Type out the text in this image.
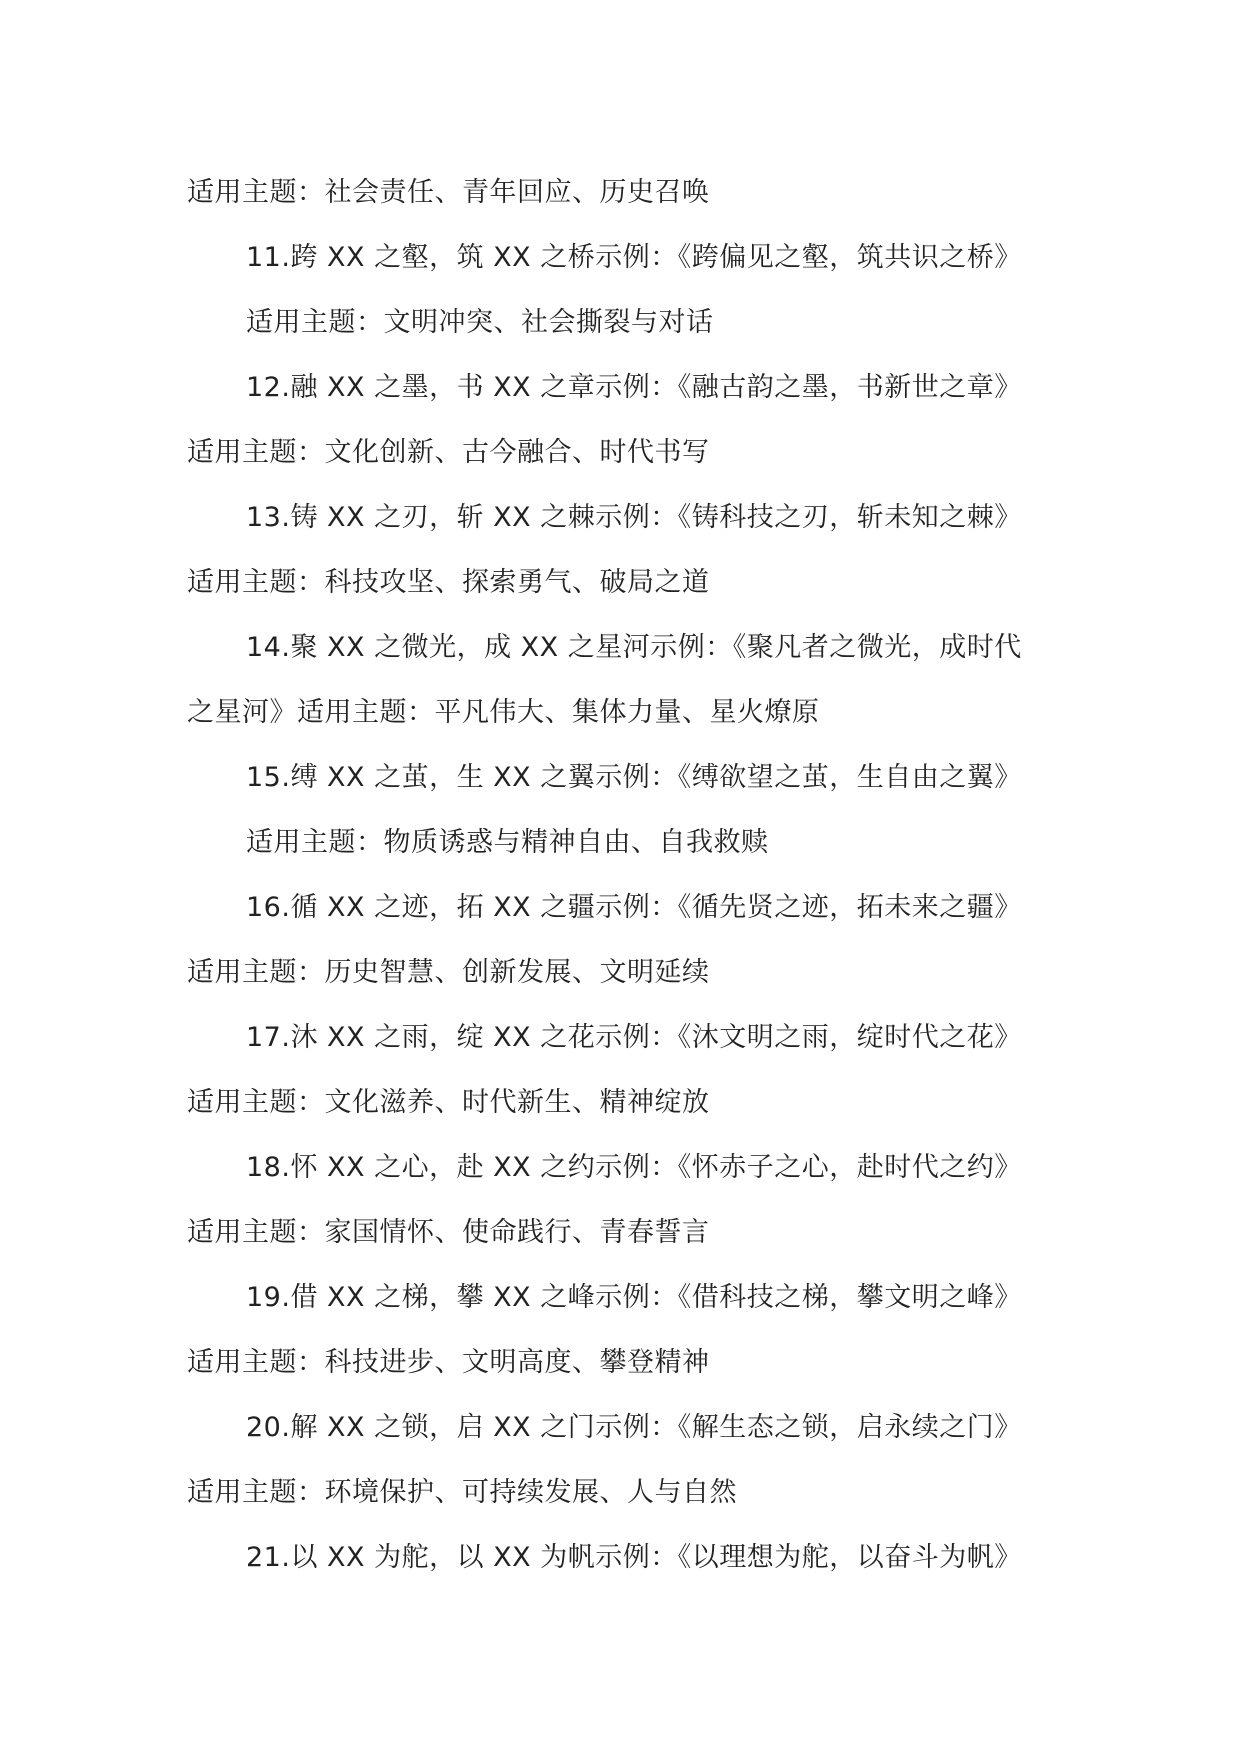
适用主题：社会责任、青年回应、历史召唤
11.跨 XX 之壑，筑 XX 之桥示例：《跨偏见之壑，筑共识之桥》
适用主题：文明冲突、社会撕裂与对话
12.融 XX 之墨，书 XX 之章示例：《融古韵之墨，书新世之章》
适用主题：文化创新、古今融合、时代书写
13.铸 XX 之刃，斩 XX 之棘示例：《铸科技之刃，斩未知之棘》
适用主题：科技攻坚、探索勇气、破局之道
14.聚 XX 之微光，成 XX 之星河示例：《聚凡者之微光，成时代
之星河》适用主题：平凡伟大、集体力量、星火燎原
15.缚 XX 之茧，生 XX 之翼示例：《缚欲望之茧，生自由之翼》
适用主题：物质诱惑与精神自由、自我救赎
16.循 XX 之迹，拓 XX 之疆示例：《循先贤之迹，拓未来之疆》
适用主题：历史智慧、创新发展、文明延续
17.沐 XX 之雨，绽 XX 之花示例：《沐文明之雨，绽时代之花》
适用主题：文化滋养、时代新生、精神绽放
18.怀 XX 之心，赴 XX 之约示例：《怀赤子之心，赴时代之约》
适用主题：家国情怀、使命践行、青春誓言
19.借 XX 之梯，攀 XX 之峰示例：《借科技之梯，攀文明之峰》
适用主题：科技进步、文明高度、攀登精神
20.解 XX 之锁，启 XX 之门示例：《解生态之锁，启永续之门》
适用主题：环境保护、可持续发展、人与自然
21.以 XX 为舵，以 XX 为帆示例：《以理想为舵，以奋斗为帆》
